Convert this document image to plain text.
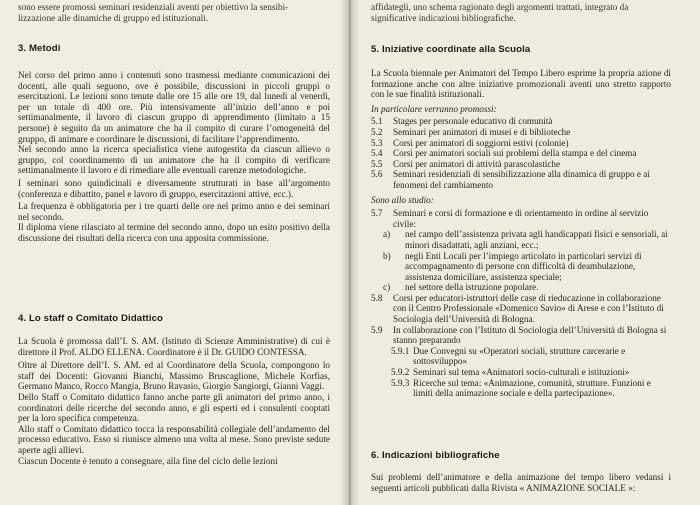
sono essere promossi seminari residenziali aventi per obiettivo la sensibi-
lizzazione alle dinamiche di gruppo ed istituzionali.
3. Metodi

Nel corso del primo anno i contenuti sono trasmessi mediante comunicazioni dei docenti, alle quali seguono, ove è possibile, discussioni in piccoli gruppi o esercitazioni. Le lezioni sono tenute dalle ore 15 alle ore 19, dal lunedì al venerdì, per un totale di 400 ore. Più intensivamente all’inizio dell’anno e poi settimanalmente, il lavoro di ciascun gruppo di apprendimento (limitato a 15 persone) è seguito da un animatore che ha il compito di curare l’omogeneità del gruppo, di animare e coordinare le discussioni, di facilitare l’apprendimento.

Nel secondo anno la ricerca specialistica viene autogestita da ciascun allievo o gruppo, col coordinamento di un animatore che ha il compito di verificare settimanalmente il lavoro e di rimediare alle eventuali carenze metodologiche.

I seminari sono quindicinali e diversamente strutturati in base all’argomento (conferenza e dibattito, panel e lavoro di gruppo, esercitazioni attive, ecc.).

La frequenza è obbligatoria per i tre quarti delle ore nel primo anno e dei seminari nel secondo.

Il diploma viene rilasciato al termine del secondo anno, dopo un esito positivo della discussione dei risultati della ricerca con una apposita commissione.

4. Lo staff o Comitato Didattico

La Scuola è promossa dall’I. S. AM. (Istituto di Scienze Amministrative) di cui è direttore il Prof. ALDO ELLENA. Coordinatore è il Dr. GUIDO CONTESSA.

Oltre al Direttore dell’I. S. AM. ed al Coordinatore della Scuola, compongono lo staff dei Docenti: Giovanni Bianchi, Massimo Bruscaglione, Michele Korfias, Germano Manco, Rocco Mangia, Bruno Ravasio, Giorgio Sangiorgi, Gianni Vaggi.

Dello Staff o Comitato didattico fanno anche parte gli animatori del primo anno, i coordinatori delle ricerche del secondo anno, e gli esperti ed i consulenti cooptati per la loro specifica competenza.

Allo staff o Comitato didattico tocca la responsabilità collegiale dell’andamento del processo educativo. Esso si riunisce almeno una volta al mese. Sono previste sedute aperte agli allievi.

Ciascun Docente è tenuto a consegnare, alla fine del ciclo delle lezioni

affidategli, uno schema ragionato degli argomenti trattati, integrato da
significative indicazioni bibliografiche.
5. Iniziative coordinate alla Scuola

La Scuola biennale per Animatori del Tempo Libero esprime la propria azione di formazione anche con altre iniziative promozionali aventi uno stretto rapporto con le sue finalità istituzionali.

In particolare verranno promossi:

5.1 Stages per personale educativo di comunità
5.2 Seminari per animatori di musei e di biblioteche
5.3 Corsi per animatori di soggiorni estivi (colonie)
5.4 Corsi per animatori sociali sui problemi della stampa e del cinema
5.5 Corsi per animatori di attività parascolastiche
5.6 Seminari residenziali di sensibilizzazione alla dinamica di gruppo e ai fenomeni del cambiamento

Sono allo studio:

5.7 Seminari e corsi di formazione e di orientamento in ordine al servizio civile:
a) nel campo dell’assistenza privata agli handicappati fisici e sensoriali, ai minori disadattati, agli anziani, ecc.;
b) negli Enti Locali per l’impiego articolato in particolari servizi di accompagnamento di persone con difficoltà di deambulazione, assistenza domiciliare, assistenza speciale;
c) nel settore della istruzione popolare.
5.8 Corsi per educatori-istruttori delle case di rieducazione in collaborazione con il Centro Professionale «Domenico Savio» di Arese e con l’Istituto di Sociologia dell’Università di Bologna.
5.9 In collaborazione con l’Istituto di Sociologia dell’Università di Bologna si stanno preparando
5.9.1 Due Convegni su «Operatori sociali, strutture carcerarie e sottosviluppo»
5.9.2 Seminari sul tema «Animatori socio-culturali e istituzioni»
5.9.3 Ricerche sul tema: «Animazione, comunità, strutture. Funzioni e limiti della animazione sociale e della partecipazione».
6. Indicazioni bibliografiche

Sui problemi dell’animatore e della animazione del tempo libero vedansi i seguenti articoli pubblicati dalla Rivista « ANIMAZIONE SOCIALE »:
